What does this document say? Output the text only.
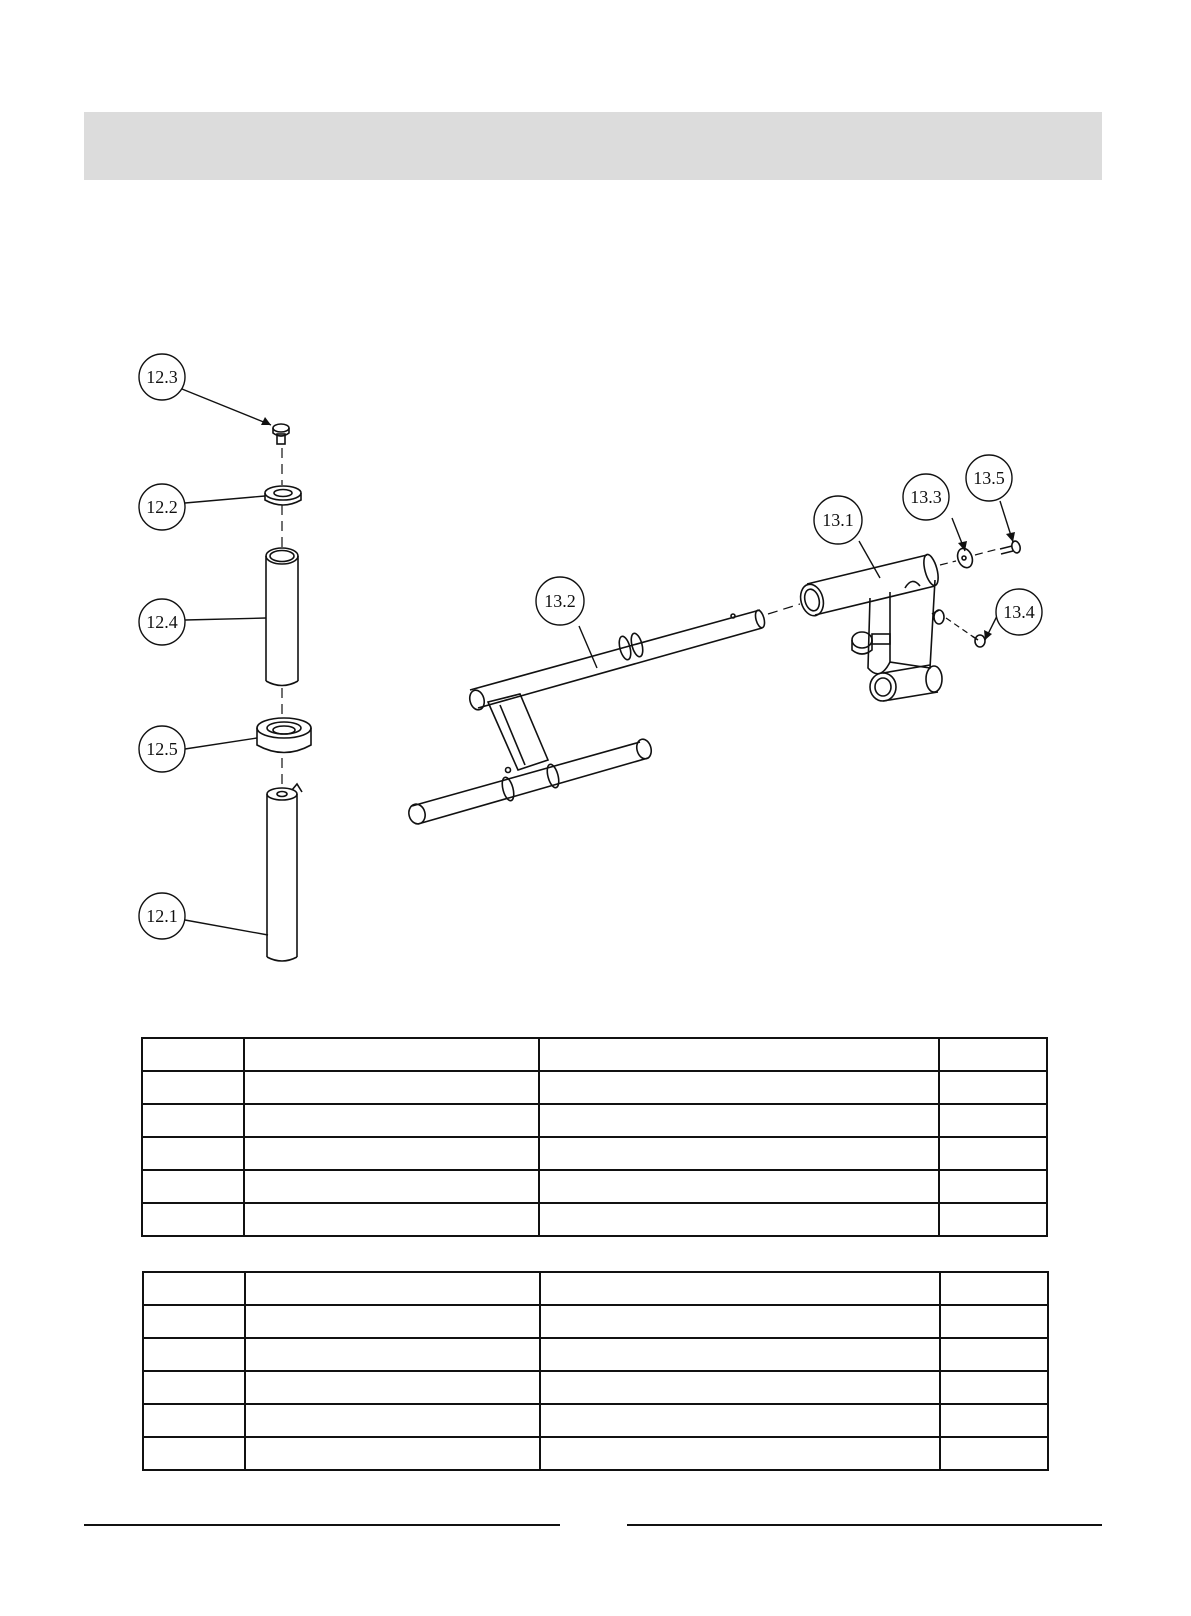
12.3
12.2
12.4
12.5
12.1
13.2
13.1
13.3
13.5
13.4
